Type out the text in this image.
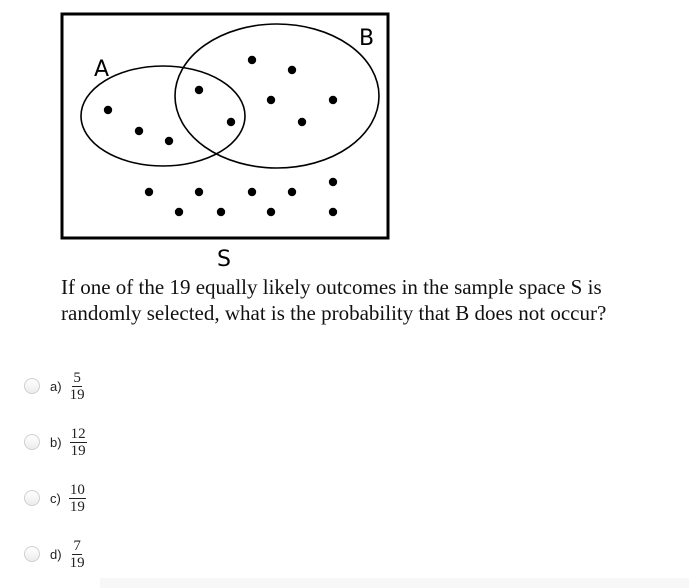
A
B
S
If one of the 19 equally likely outcomes in the sample space S is randomly selected, what is the probability that B does not occur?
$a) \frac{5}{19}$
$b) \frac{12}{19}$
$c) \frac{10}{19}$
$d) \frac{7}{19}$
